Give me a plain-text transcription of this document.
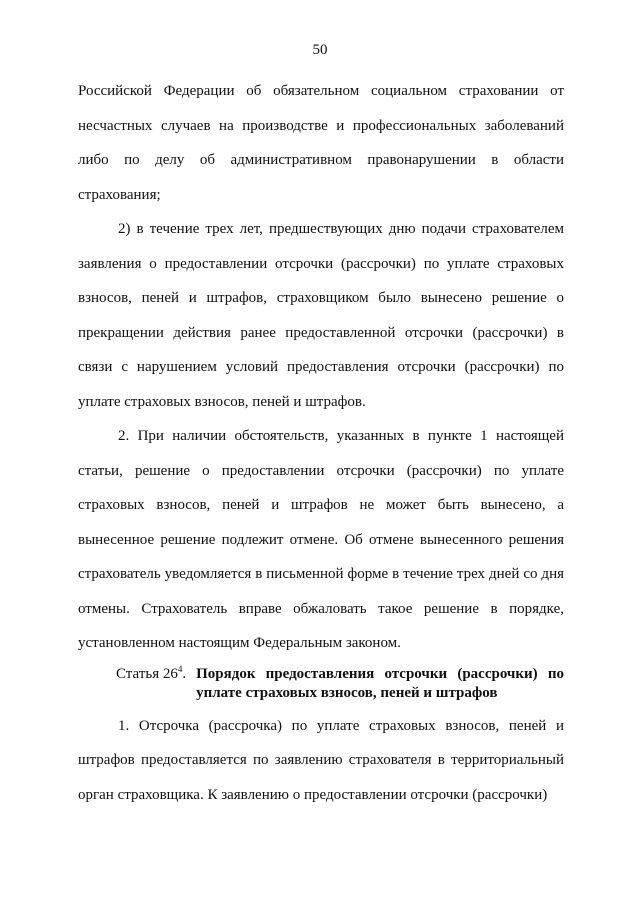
50

Российской Федерации об обязательном социальном страховании от несчастных случаев на производстве и профессиональных заболеваний либо по делу об административном правонарушении в области страхования;

2) в течение трех лет, предшествующих дню подачи страхователем заявления о предоставлении отсрочки (рассрочки) по уплате страховых взносов, пеней и штрафов, страховщиком было вынесено решение о прекращении действия ранее предоставленной отсрочки (рассрочки) в связи с нарушением условий предоставления отсрочки (рассрочки) по уплате страховых взносов, пеней и штрафов.

2. При наличии обстоятельств, указанных в пункте 1 настоящей статьи, решение о предоставлении отсрочки (рассрочки) по уплате страховых взносов, пеней и штрафов не может быть вынесено, а вынесенное решение подлежит отмене. Об отмене вынесенного решения страхователь уведомляется в письменной форме в течение трех дней со дня отмены. Страхователь вправе обжаловать такое решение в порядке, установленном настоящим Федеральным законом.

Статья $26^4$. Порядок предоставления отсрочки (рассрочки) по уплате страховых взносов, пеней и штрафов

1. Отсрочка (рассрочка) по уплате страховых взносов, пеней и штрафов предоставляется по заявлению страхователя в территориальный орган страховщика. К заявлению о предоставлении отсрочки (рассрочки)
